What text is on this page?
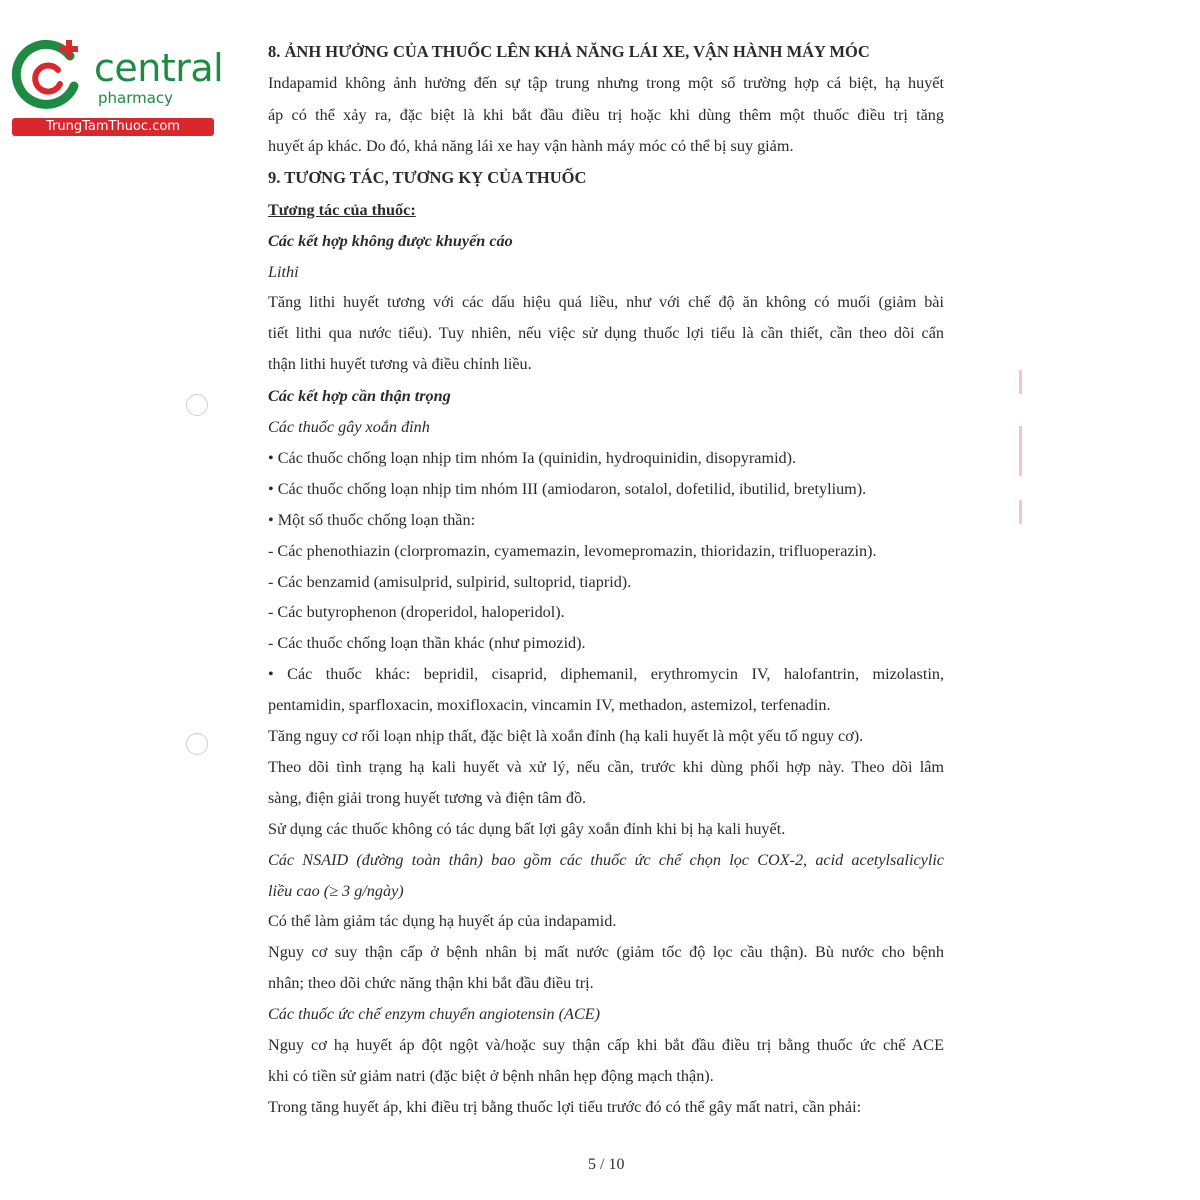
central
pharmacy
TrungTamThuoc.com
8. ẢNH HƯỞNG CỦA THUỐC LÊN KHẢ NĂNG LÁI XE, VẬN HÀNH MÁY MÓC
Indapamid không ảnh hưởng đến sự tập trung nhưng trong một số trường hợp cá biệt, hạ huyết
áp có thể xảy ra, đặc biệt là khi bắt đầu điều trị hoặc khi dùng thêm một thuốc điều trị tăng
huyết áp khác. Do đó, khả năng lái xe hay vận hành máy móc có thể bị suy giảm.
9. TƯƠNG TÁC, TƯƠNG KỴ CỦA THUỐC
Tương tác của thuốc:
Các kết hợp không được khuyến cáo
Lithi
Tăng lithi huyết tương với các dấu hiệu quá liều, như với chế độ ăn không có muối (giảm bài
tiết lithi qua nước tiểu). Tuy nhiên, nếu việc sử dụng thuốc lợi tiểu là cần thiết, cần theo dõi cẩn
thận lithi huyết tương và điều chỉnh liều.
Các kết hợp cần thận trọng
Các thuốc gây xoắn đỉnh
• Các thuốc chống loạn nhịp tim nhóm Ia (quinidin, hydroquinidin, disopyramid).
• Các thuốc chống loạn nhịp tim nhóm III (amiodaron, sotalol, dofetilid, ibutilid, bretylium).
• Một số thuốc chống loạn thần:
- Các phenothiazin (clorpromazin, cyamemazin, levomepromazin, thioridazin, trifluoperazin).
- Các benzamid (amisulprid, sulpirid, sultoprid, tiaprid).
- Các butyrophenon (droperidol, haloperidol).
- Các thuốc chống loạn thần khác (như pimozid).
• Các thuốc khác: bepridil, cisaprid, diphemanil, erythromycin IV, halofantrin, mizolastin,
pentamidin, sparfloxacin, moxifloxacin, vincamin IV, methadon, astemizol, terfenadin.
Tăng nguy cơ rối loạn nhịp thất, đặc biệt là xoắn đỉnh (hạ kali huyết là một yếu tố nguy cơ).
Theo dõi tình trạng hạ kali huyết và xử lý, nếu cần, trước khi dùng phối hợp này. Theo dõi lâm
sàng, điện giải trong huyết tương và điện tâm đồ.
Sử dụng các thuốc không có tác dụng bất lợi gây xoắn đỉnh khi bị hạ kali huyết.
Các NSAID (đường toàn thân) bao gồm các thuốc ức chế chọn lọc COX-2, acid acetylsalicylic
liều cao (≥ 3 g/ngày)
Có thể làm giảm tác dụng hạ huyết áp của indapamid.
Nguy cơ suy thận cấp ở bệnh nhân bị mất nước (giảm tốc độ lọc cầu thận). Bù nước cho bệnh
nhân; theo dõi chức năng thận khi bắt đầu điều trị.
Các thuốc ức chế enzym chuyển angiotensin (ACE)
Nguy cơ hạ huyết áp đột ngột và/hoặc suy thận cấp khi bắt đầu điều trị bằng thuốc ức chế ACE
khi có tiền sử giảm natri (đặc biệt ở bệnh nhân hẹp động mạch thận).
Trong tăng huyết áp, khi điều trị bằng thuốc lợi tiểu trước đó có thể gây mất natri, cần phải:
5 / 10
